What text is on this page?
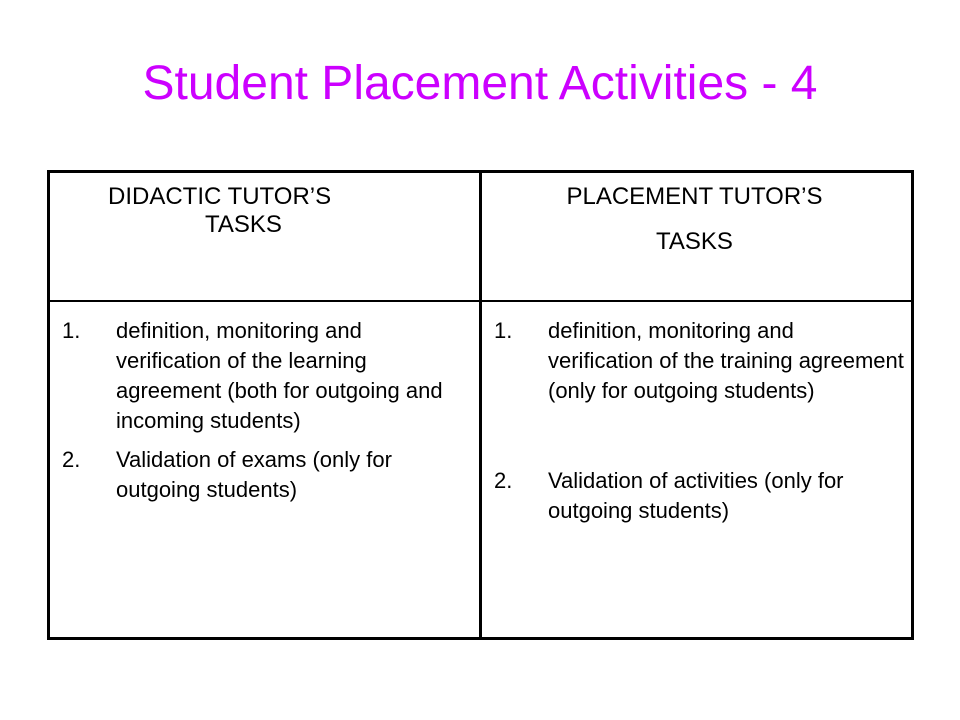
Student Placement Activities - 4
DIDACTIC TUTOR’S
TASKS
PLACEMENT TUTOR’S
TASKS
1. definition, monitoring and verification of the learning agreement (both for outgoing and incoming students)
2. Validation of exams (only for outgoing students)
1. definition, monitoring and verification of the training agreement (only for outgoing students)
2. Validation of activities (only for outgoing students)
